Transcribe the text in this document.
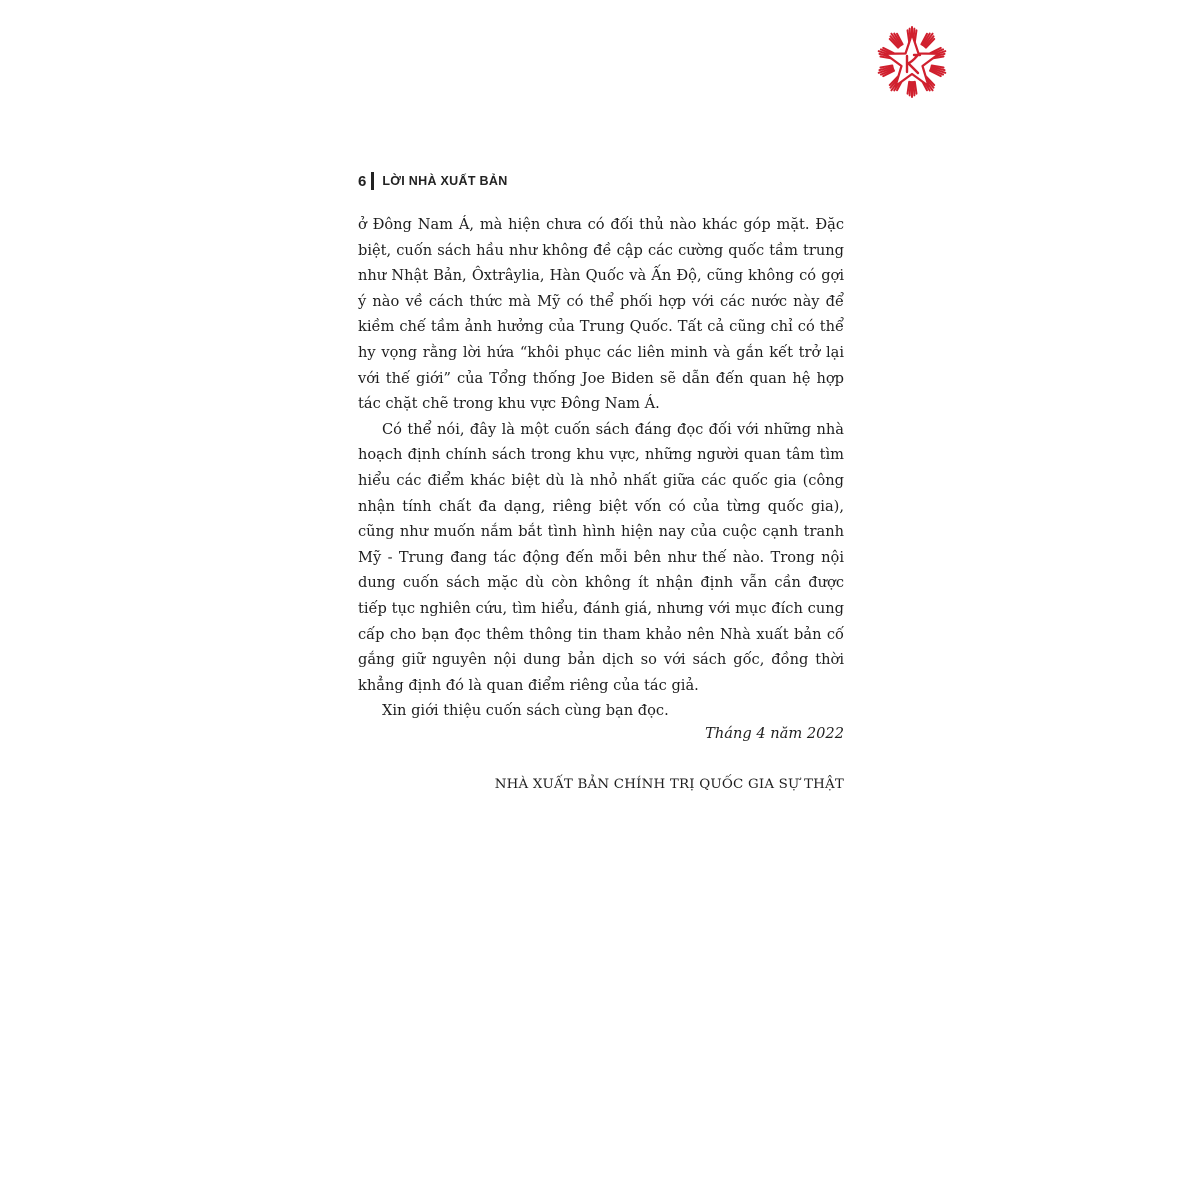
6 LỜI NHÀ XUẤT BẢN

ở Đông Nam Á, mà hiện chưa có đối thủ nào khác góp mặt. Đặc biệt, cuốn sách hầu như không đề cập các cường quốc tầm trung như Nhật Bản, Ôxtrâylia, Hàn Quốc và Ấn Độ, cũng không có gợi ý nào về cách thức mà Mỹ có thể phối hợp với các nước này để kiềm chế tầm ảnh hưởng của Trung Quốc. Tất cả cũng chỉ có thể hy vọng rằng lời hứa “khôi phục các liên minh và gắn kết trở lại với thế giới” của Tổng thống Joe Biden sẽ dẫn đến quan hệ hợp tác chặt chẽ trong khu vực Đông Nam Á.

Có thể nói, đây là một cuốn sách đáng đọc đối với những nhà hoạch định chính sách trong khu vực, những người quan tâm tìm hiểu các điểm khác biệt dù là nhỏ nhất giữa các quốc gia (công nhận tính chất đa dạng, riêng biệt vốn có của từng quốc gia), cũng như muốn nắm bắt tình hình hiện nay của cuộc cạnh tranh Mỹ - Trung đang tác động đến mỗi bên như thế nào. Trong nội dung cuốn sách mặc dù còn không ít nhận định vẫn cần được tiếp tục nghiên cứu, tìm hiểu, đánh giá, nhưng với mục đích cung cấp cho bạn đọc thêm thông tin tham khảo nên Nhà xuất bản cố gắng giữ nguyên nội dung bản dịch so với sách gốc, đồng thời khẳng định đó là quan điểm riêng của tác giả.

Xin giới thiệu cuốn sách cùng bạn đọc.

Tháng 4 năm 2022
NHÀ XUẤT BẢN CHÍNH TRỊ QUỐC GIA SỰ THẬT
